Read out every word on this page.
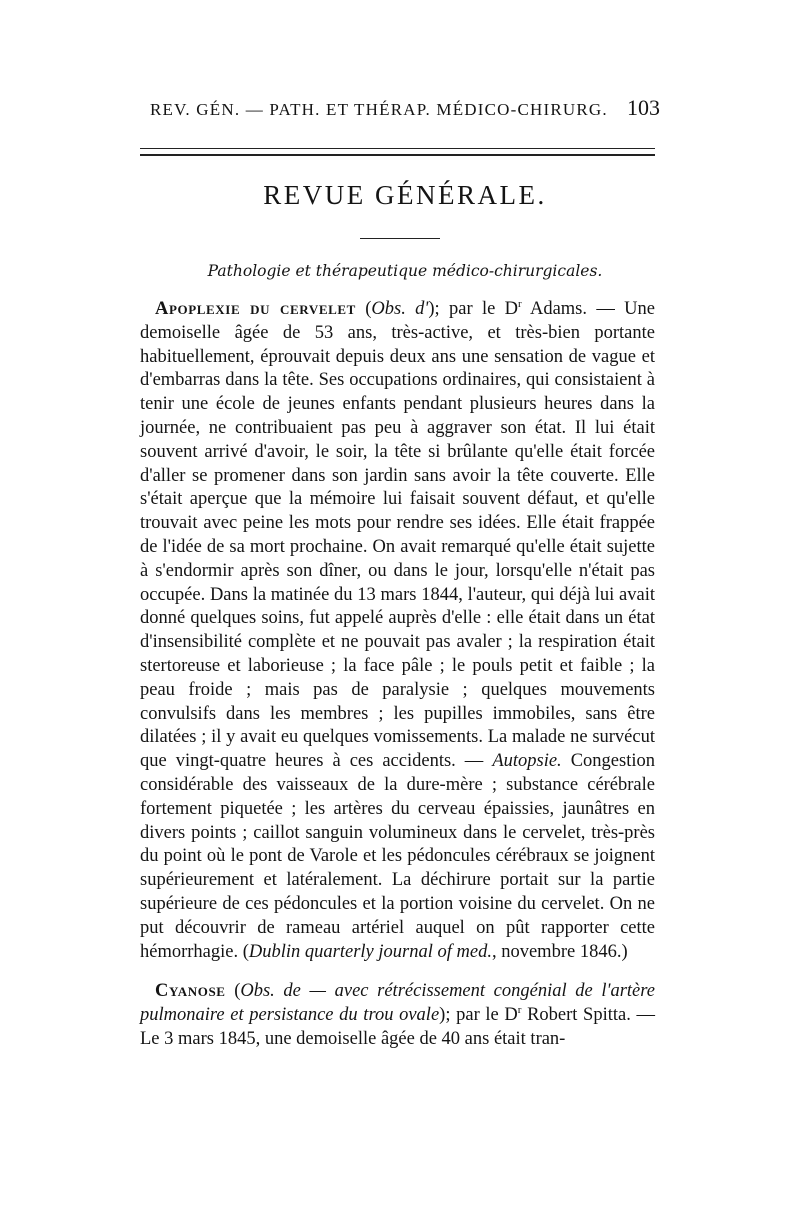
REV. GÉN. — PATH. ET THÉRAP. MÉDICO-CHIRURG. 103
REVUE GÉNÉRALE.
Pathologie et thérapeutique médico-chirurgicales.

Apoplexie du cervelet (Obs. d'); par le $D^r$ Adams. — Une demoiselle âgée de 53 ans, très-active, et très-bien portante habituellement, éprouvait depuis deux ans une sensation de vague et d'embarras dans la tête. Ses occupations ordinaires, qui consistaient à tenir une école de jeunes enfants pendant plusieurs heures dans la journée, ne contribuaient pas peu à aggraver son état. Il lui était souvent arrivé d'avoir, le soir, la tête si brûlante qu'elle était forcée d'aller se promener dans son jardin sans avoir la tête couverte. Elle s'était aperçue que la mémoire lui faisait souvent défaut, et qu'elle trouvait avec peine les mots pour rendre ses idées. Elle était frappée de l'idée de sa mort prochaine. On avait remarqué qu'elle était sujette à s'endormir après son dîner, ou dans le jour, lorsqu'elle n'était pas occupée. Dans la matinée du 13 mars 1844, l'auteur, qui déjà lui avait donné quelques soins, fut appelé auprès d'elle : elle était dans un état d'insensibilité complète et ne pouvait pas avaler ; la respiration était stertoreuse et laborieuse ; la face pâle ; le pouls petit et faible ; la peau froide ; mais pas de paralysie ; quelques mouvements convulsifs dans les membres ; les pupilles immobiles, sans être dilatées ; il y avait eu quelques vomissements. La malade ne survécut que vingt-quatre heures à ces accidents. — Autopsie. Congestion considérable des vaisseaux de la dure-mère ; substance cérébrale fortement piquetée ; les artères du cerveau épaissies, jaunâtres en divers points ; caillot sanguin volumineux dans le cervelet, très-près du point où le pont de Varole et les pédoncules cérébraux se joignent supérieurement et latéralement. La déchirure portait sur la partie supérieure de ces pédoncules et la portion voisine du cervelet. On ne put découvrir de rameau artériel auquel on pût rapporter cette hémorrhagie. (Dublin quarterly journal of med., novembre 1846.)

Cyanose (Obs. de — avec rétrécissement congénial de l'artère pulmonaire et persistance du trou ovale); par le $D^r$ Robert Spitta. — Le 3 mars 1845, une demoiselle âgée de 40 ans était tran-
